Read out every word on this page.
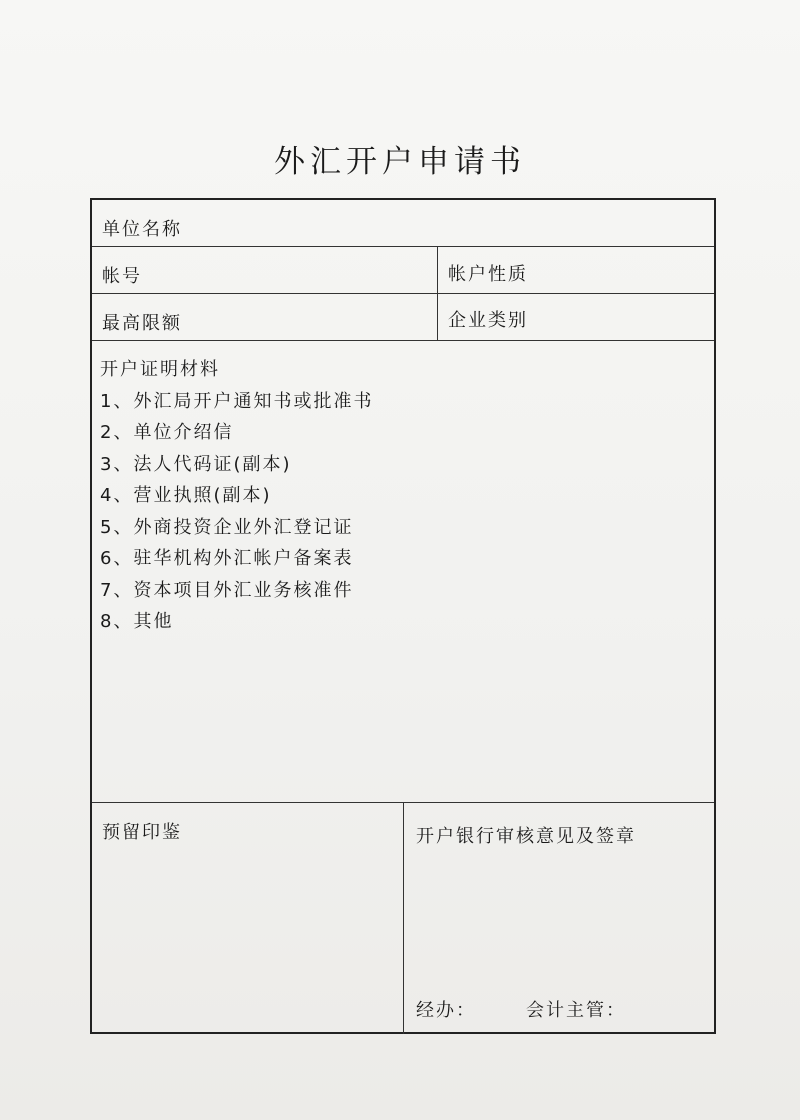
外汇开户申请书
单位名称
帐号	帐户性质
最高限额	企业类别
开户证明材料
1、外汇局开户通知书或批准书
2、单位介绍信
3、法人代码证(副本)
4、营业执照(副本)
5、外商投资企业外汇登记证
6、驻华机构外汇帐户备案表
7、资本项目外汇业务核准件
8、其他
预留印鉴	开户银行审核意见及签章
经办：	会计主管：
